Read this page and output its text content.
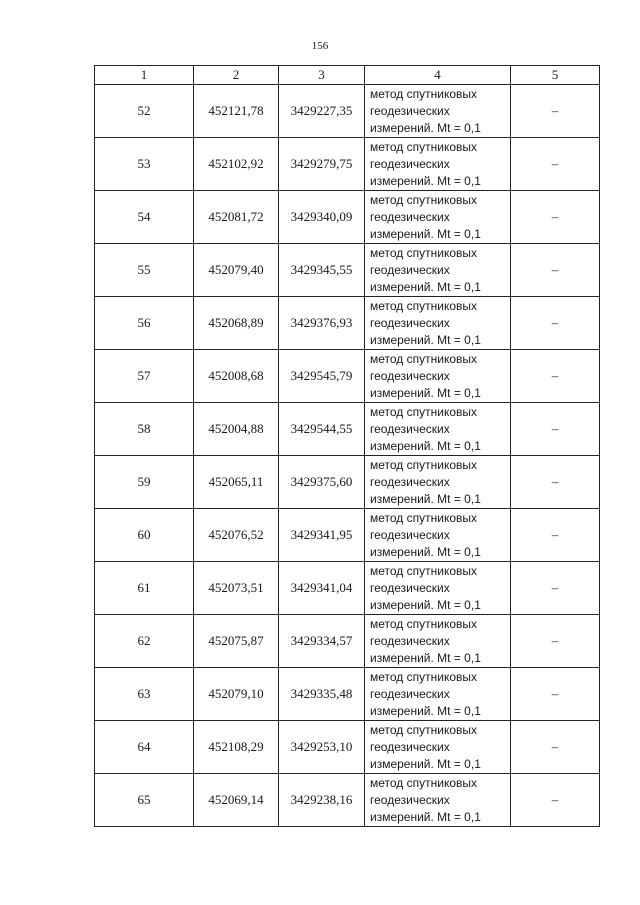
156
1	2	3	4	5
52	452121,78	3429227,35	метод спутниковых
геодезических
измерений. Mt = 0,1	–
53	452102,92	3429279,75	метод спутниковых
геодезических
измерений. Mt = 0,1	–
54	452081,72	3429340,09	метод спутниковых
геодезических
измерений. Mt = 0,1	–
55	452079,40	3429345,55	метод спутниковых
геодезических
измерений. Mt = 0,1	–
56	452068,89	3429376,93	метод спутниковых
геодезических
измерений. Mt = 0,1	–
57	452008,68	3429545,79	метод спутниковых
геодезических
измерений. Mt = 0,1	–
58	452004,88	3429544,55	метод спутниковых
геодезических
измерений. Mt = 0,1	–
59	452065,11	3429375,60	метод спутниковых
геодезических
измерений. Mt = 0,1	–
60	452076,52	3429341,95	метод спутниковых
геодезических
измерений. Mt = 0,1	–
61	452073,51	3429341,04	метод спутниковых
геодезических
измерений. Mt = 0,1	–
62	452075,87	3429334,57	метод спутниковых
геодезических
измерений. Mt = 0,1	–
63	452079,10	3429335,48	метод спутниковых
геодезических
измерений. Mt = 0,1	–
64	452108,29	3429253,10	метод спутниковых
геодезических
измерений. Mt = 0,1	–
65	452069,14	3429238,16	метод спутниковых
геодезических
измерений. Mt = 0,1	–
